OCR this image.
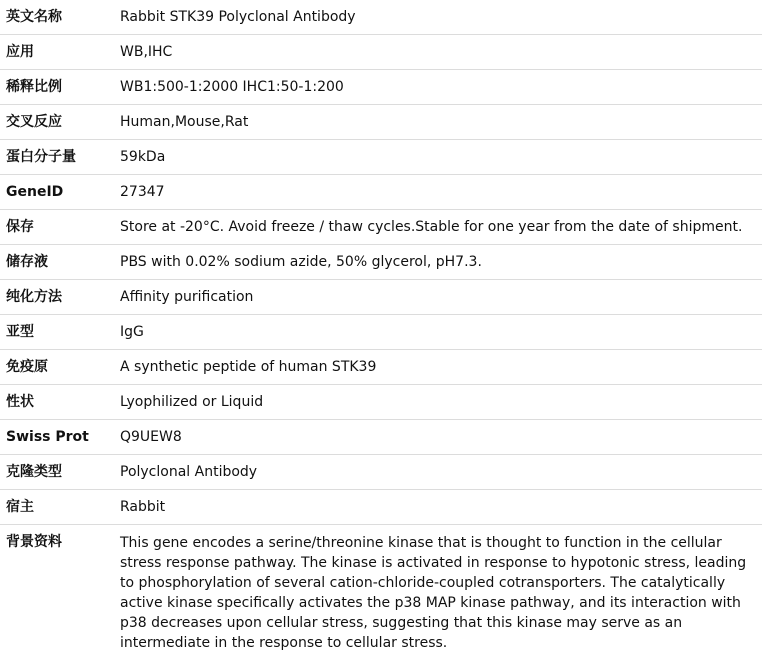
英文名称	Rabbit STK39 Polyclonal Antibody
应用	WB,IHC
稀释比例	WB1:500-1:2000 IHC1:50-1:200
交叉反应	Human,Mouse,Rat
蛋白分子量	59kDa
GeneID	27347
保存	Store at -20°C. Avoid freeze / thaw cycles.Stable for one year from the date of shipment.
储存液	PBS with 0.02% sodium azide, 50% glycerol, pH7.3.
纯化方法	Affinity purification
亚型	IgG
免疫原	A synthetic peptide of human STK39
性状	Lyophilized or Liquid
Swiss Prot	Q9UEW8
克隆类型	Polyclonal Antibody
宿主	Rabbit
背景资料	This gene encodes a serine/threonine kinase that is thought to function in the cellular stress response pathway. The kinase is activated in response to hypotonic stress, leading to phosphorylation of several cation-chloride-coupled cotransporters. The catalytically active kinase specifically activates the p38 MAP kinase pathway, and its interaction with p38 decreases upon cellular stress, suggesting that this kinase may serve as an intermediate in the response to cellular stress.
